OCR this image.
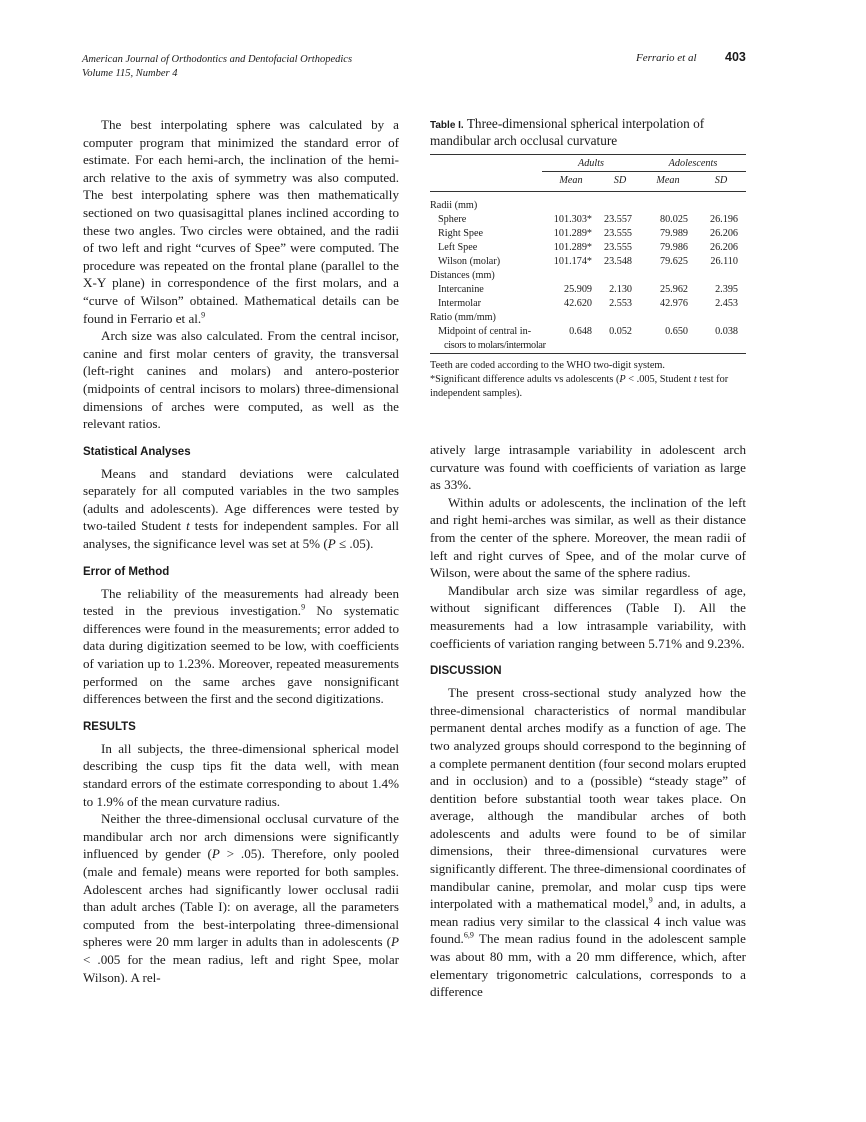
American Journal of Orthodontics and Dentofacial Orthopedics
Volume 115, Number 4
Ferrario et al 403

The best interpolating sphere was calculated by a computer program that minimized the standard error of estimate. For each hemi-arch, the inclination of the hemi-arch relative to the axis of symmetry was also computed. The best interpolating sphere was then mathematically sectioned on two quasisagittal planes inclined according to these two angles. Two circles were obtained, and the radii of two left and right “curves of Spee” were computed. The procedure was repeated on the frontal plane (parallel to the X-Y plane) in correspondence of the first molars, and a “curve of Wilson” obtained. Mathematical details can be found in Ferrario et al.$^9$

Arch size was also calculated. From the central incisor, canine and first molar centers of gravity, the transversal (left-right canines and molars) and antero-posterior (midpoints of central incisors to molars) three-dimensional dimensions of arches were computed, as well as the relevant ratios.

Statistical Analyses

Means and standard deviations were calculated separately for all computed variables in the two samples (adults and adolescents). Age differences were tested by two-tailed Student t tests for independent samples. For all analyses, the significance level was set at 5% (P ≤ .05).

Error of Method

The reliability of the measurements had already been tested in the previous investigation.$^9$ No systematic differences were found in the measurements; error added to data during digitization seemed to be low, with coefficients of variation up to 1.23%. Moreover, repeated measurements performed on the same arches gave nonsignificant differences between the first and the second digitizations.

RESULTS

In all subjects, the three-dimensional spherical model describing the cusp tips fit the data well, with mean standard errors of the estimate corresponding to about 1.4% to 1.9% of the mean curvature radius.

Neither the three-dimensional occlusal curvature of the mandibular arch nor arch dimensions were significantly influenced by gender (P > .05). Therefore, only pooled (male and female) means were reported for both samples. Adolescent arches had significantly lower occlusal radii than adult arches (Table I): on average, all the parameters computed from the best-interpolating three-dimensional spheres were 20 mm larger in adults than in adolescents (P < .005 for the mean radius, left and right Spee, molar Wilson). A rel-

Table I. Three-dimensional spherical interpolation of mandibular arch occlusal curvature

	Adults		Adolescents	
	Mean	SD	Mean	SD

Radii (mm)				
Sphere	101.303*	23.557	80.025	26.196
Right Spee	101.289*	23.555	79.989	26.206
Left Spee	101.289*	23.555	79.986	26.206
Wilson (molar)	101.174*	23.548	79.625	26.110
Distances (mm)				
Intercanine	25.909	2.130	25.962	2.395
Intermolar	42.620	2.553	42.976	2.453
Ratio (mm/mm)				
Midpoint of central in-	0.648	0.052	0.650	0.038
cisors to molars/intermolar				

Teeth are coded according to the WHO two-digit system.

*Significant difference adults vs adolescents (P < .005, Student t test for independent samples).

atively large intrasample variability in adolescent arch curvature was found with coefficients of variation as large as 33%.

Within adults or adolescents, the inclination of the left and right hemi-arches was similar, as well as their distance from the center of the sphere. Moreover, the mean radii of left and right curves of Spee, and of the molar curve of Wilson, were about the same of the sphere radius.

Mandibular arch size was similar regardless of age, without significant differences (Table I). All the measurements had a low intrasample variability, with coefficients of variation ranging between 5.71% and 9.23%.

DISCUSSION

The present cross-sectional study analyzed how the three-dimensional characteristics of normal mandibular permanent dental arches modify as a function of age. The two analyzed groups should correspond to the beginning of a complete permanent dentition (four second molars erupted and in occlusion) and to a (possible) “steady stage” of dentition before substantial tooth wear takes place. On average, although the mandibular arches of both adolescents and adults were found to be of similar dimensions, their three-dimensional curvatures were significantly different. The three-dimensional coordinates of mandibular canine, premolar, and molar cusp tips were interpolated with a mathematical model,$^9$ and, in adults, a mean radius very similar to the classical 4 inch value was found.$^{6,9}$ The mean radius found in the adolescent sample was about 80 mm, with a 20 mm difference, which, after elementary trigonometric calculations, corresponds to a difference
